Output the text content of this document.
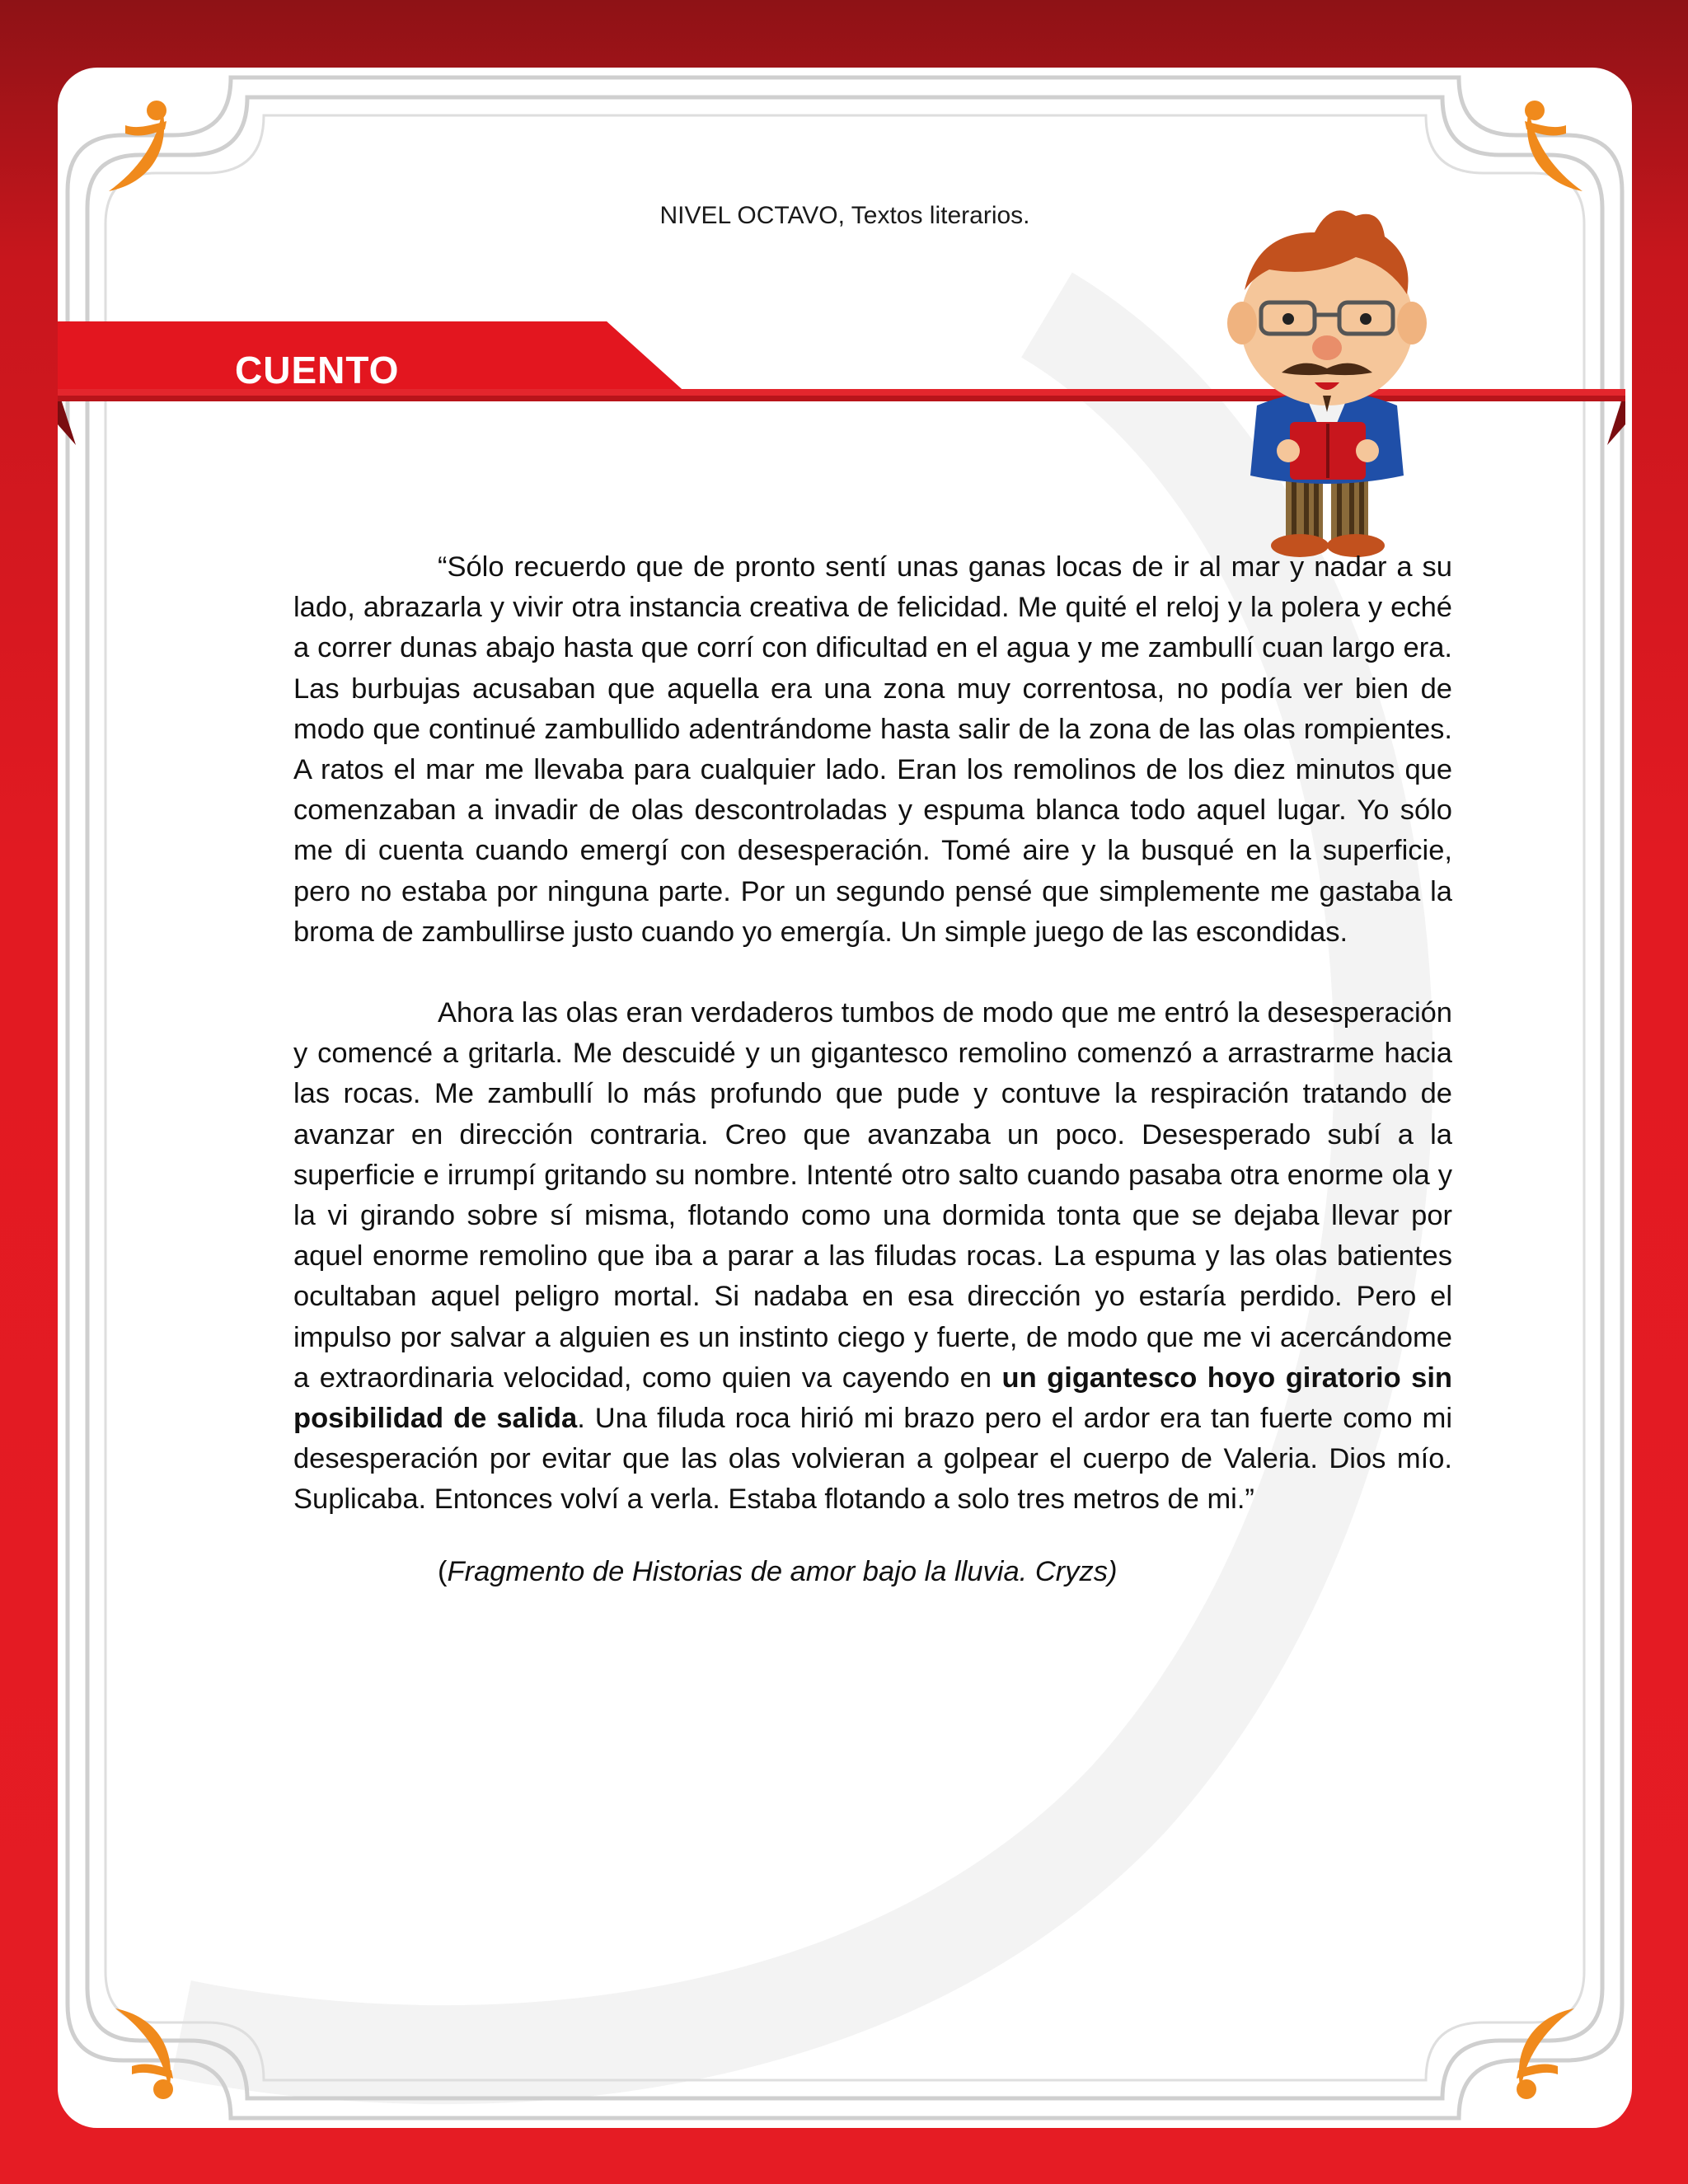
NIVEL OCTAVO, Textos literarios.
CUENTO

“Sólo recuerdo que de pronto sentí unas ganas locas de ir al mar y nadar a su lado, abrazarla y vivir otra instancia creativa de felicidad. Me quité el reloj y la polera y eché a correr dunas abajo hasta que corrí con dificultad en el agua y me zambullí cuan largo era. Las burbujas acusaban que aquella era una zona muy correntosa, no podía ver bien de modo que continué zambullido adentrándome hasta salir de la zona de las olas rompientes. A ratos el mar me llevaba para cualquier lado. Eran los remolinos de los diez minutos que comenzaban a invadir de olas descontroladas y espuma blanca todo aquel lugar. Yo sólo me di cuenta cuando emergí con desesperación. Tomé aire y la busqué en la superficie, pero no estaba por ninguna parte. Por un segundo pensé que simplemente me gastaba la broma de zambullirse justo cuando yo emergía. Un simple juego de las escondidas.

Ahora las olas eran verdaderos tumbos de modo que me entró la desesperación y comencé a gritarla. Me descuidé y un gigantesco remolino comenzó a arrastrarme hacia las rocas. Me zambullí lo más profundo que pude y contuve la respiración tratando de avanzar en dirección contraria. Creo que avanzaba un poco. Desesperado subí a la superficie e irrumpí gritando su nombre. Intenté otro salto cuando pasaba otra enorme ola y la vi girando sobre sí misma, flotando como una dormida tonta que se dejaba llevar por aquel enorme remolino que iba a parar a las filudas rocas. La espuma y las olas batientes ocultaban aquel peligro mortal. Si nadaba en esa dirección yo estaría perdido. Pero el impulso por salvar a alguien es un instinto ciego y fuerte, de modo que me vi acercándome a extraordinaria velocidad, como quien va cayendo en un gigantesco hoyo giratorio sin posibilidad de salida. Una filuda roca hirió mi brazo pero el ardor era tan fuerte como mi desesperación por evitar que las olas volvieran a golpear el cuerpo de Valeria. Dios mío. Suplicaba. Entonces volví a verla. Estaba flotando a solo tres metros de mi.”

(Fragmento de Historias de amor bajo la lluvia. Cryzs)
